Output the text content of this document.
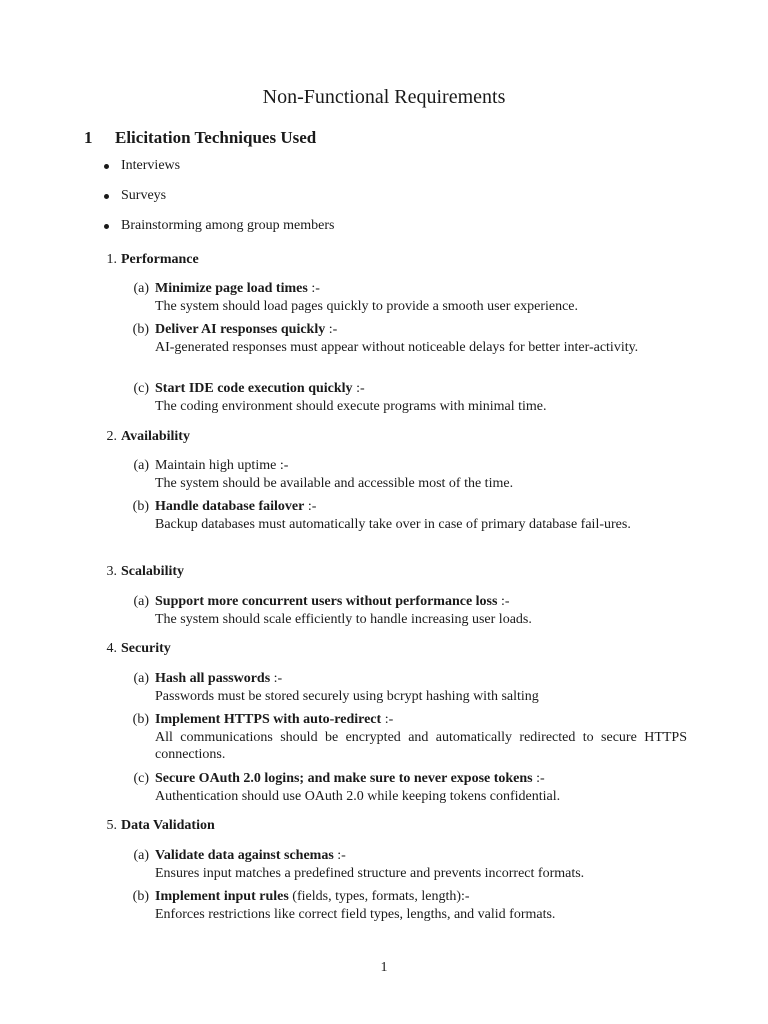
Non-Functional Requirements
1 Elicitation Techniques Used
Interviews
Surveys
Brainstorming among group members
1. Performance
(a) Minimize page load times :-
The system should load pages quickly to provide a smooth user experience.
(b) Deliver AI responses quickly :-
AI-generated responses must appear without noticeable delays for better inter-activity.
(c) Start IDE code execution quickly :-
The coding environment should execute programs with minimal time.
2. Availability
(a) Maintain high uptime :-
The system should be available and accessible most of the time.
(b) Handle database failover :-
Backup databases must automatically take over in case of primary database fail-ures.
3. Scalability
(a) Support more concurrent users without performance loss :-
The system should scale efficiently to handle increasing user loads.
4. Security
(a) Hash all passwords :-
Passwords must be stored securely using bcrypt hashing with salting
(b) Implement HTTPS with auto-redirect :-
All communications should be encrypted and automatically redirected to secure HTTPS connections.
(c) Secure OAuth 2.0 logins; and make sure to never expose tokens :-
Authentication should use OAuth 2.0 while keeping tokens confidential.
5. Data Validation
(a) Validate data against schemas :-
Ensures input matches a predefined structure and prevents incorrect formats.
(b) Implement input rules (fields, types, formats, length):-
Enforces restrictions like correct field types, lengths, and valid formats.
1
